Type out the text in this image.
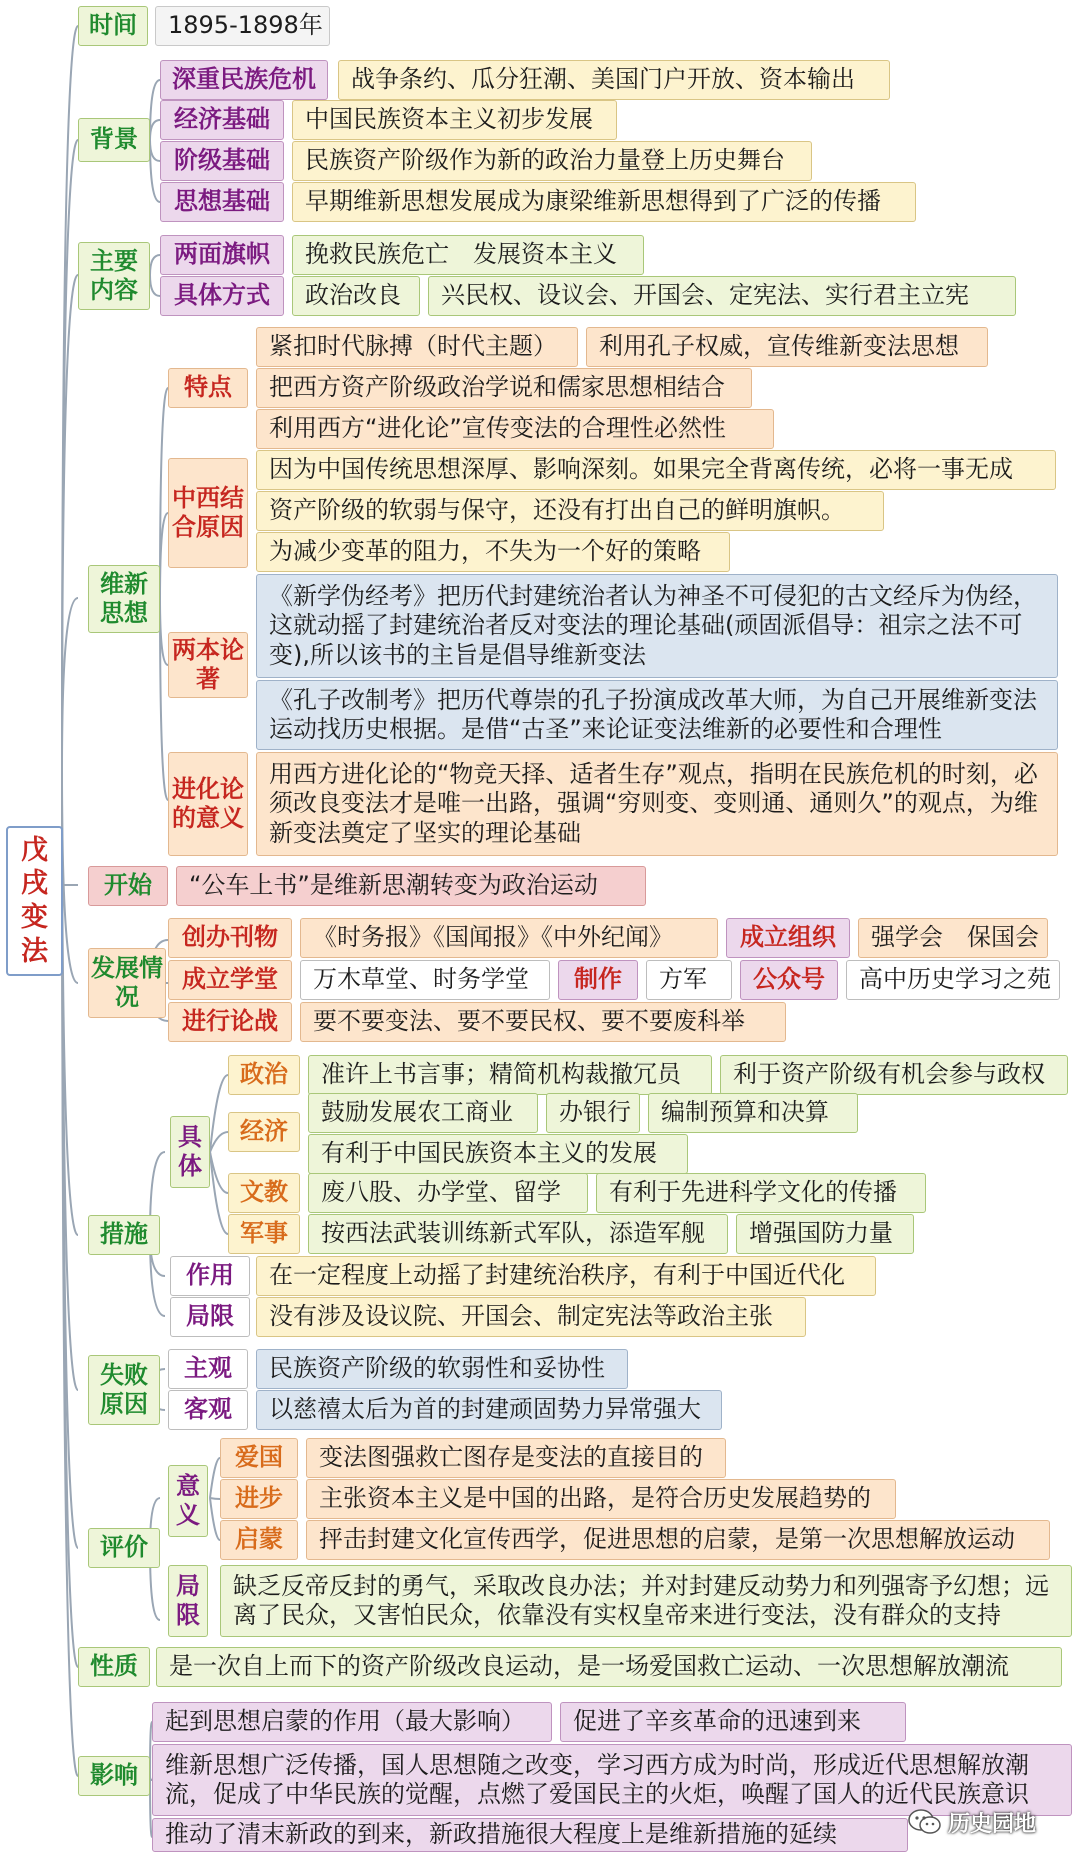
戊戌变法
时间	1895-1898年
背景
深重民族危机	战争条约、瓜分狂潮、美国门户开放、资本输出
经济基础	中国民族资本主义初步发展
阶级基础	民族资产阶级作为新的政治力量登上历史舞台
思想基础	早期维新思想发展成为康梁维新思想得到了广泛的传播
主要内容
两面旗帜	挽救民族危亡　发展资本主义
具体方式	政治改良	兴民权、设议会、开国会、定宪法、实行君主立宪
维新思想
特点
紧扣时代脉搏（时代主题）	利用孔子权威，宣传维新变法思想
把西方资产阶级政治学说和儒家思想相结合
利用西方“进化论”宣传变法的合理性必然性
中西结合原因
因为中国传统思想深厚、影响深刻。如果完全背离传统，必将一事无成
资产阶级的软弱与保守，还没有打出自己的鲜明旗帜。
为减少变革的阻力，不失为一个好的策略
两本论著
《新学伪经考》把历代封建统治者认为神圣不可侵犯的古文经斥为伪经，这就动摇了封建统治者反对变法的理论基础(顽固派倡导：祖宗之法不可变),所以该书的主旨是倡导维新变法
《孔子改制考》把历代尊崇的孔子扮演成改革大师，为自己开展维新变法运动找历史根据。是借“古圣”来论证变法维新的必要性和合理性
进化论的意义
用西方进化论的“物竞天择、适者生存”观点，指明在民族危机的时刻，必须改良变法才是唯一出路，强调“穷则变、变则通、通则久”的观点，为维新变法奠定了坚实的理论基础
开始	“公车上书”是维新思潮转变为政治运动
发展情况
创办刊物	《时务报》《国闻报》《中外纪闻》	成立组织	强学会　保国会
成立学堂	万木草堂、时务学堂	制作	方军	公众号	高中历史学习之苑
进行论战	要不要变法、要不要民权、要不要废科举
措施
具体
政治	准许上书言事；精简机构裁撤冗员	利于资产阶级有机会参与政权
经济
鼓励发展农工商业	办银行	编制预算和决算
有利于中国民族资本主义的发展
文教	废八股、办学堂、留学	有利于先进科学文化的传播
军事	按西法武装训练新式军队，添造军舰	增强国防力量
作用	在一定程度上动摇了封建统治秩序，有利于中国近代化
局限	没有涉及设议院、开国会、制定宪法等政治主张
失败原因
主观	民族资产阶级的软弱性和妥协性
客观	以慈禧太后为首的封建顽固势力异常强大
评价
意义
爱国	变法图强救亡图存是变法的直接目的
进步	主张资本主义是中国的出路，是符合历史发展趋势的
启蒙	抨击封建文化宣传西学，促进思想的启蒙，是第一次思想解放运动
局限
缺乏反帝反封的勇气，采取改良办法；并对封建反动势力和列强寄予幻想；远离了民众，又害怕民众，依靠没有实权皇帝来进行变法，没有群众的支持
性质	是一次自上而下的资产阶级改良运动，是一场爱国救亡运动、一次思想解放潮流
影响
起到思想启蒙的作用（最大影响）	促进了辛亥革命的迅速到来
维新思想广泛传播，国人思想随之改变，学习西方成为时尚，形成近代思想解放潮流，促成了中华民族的觉醒，点燃了爱国民主的火炬，唤醒了国人的近代民族意识
推动了清末新政的到来，新政措施很大程度上是维新措施的延续	历史园地
